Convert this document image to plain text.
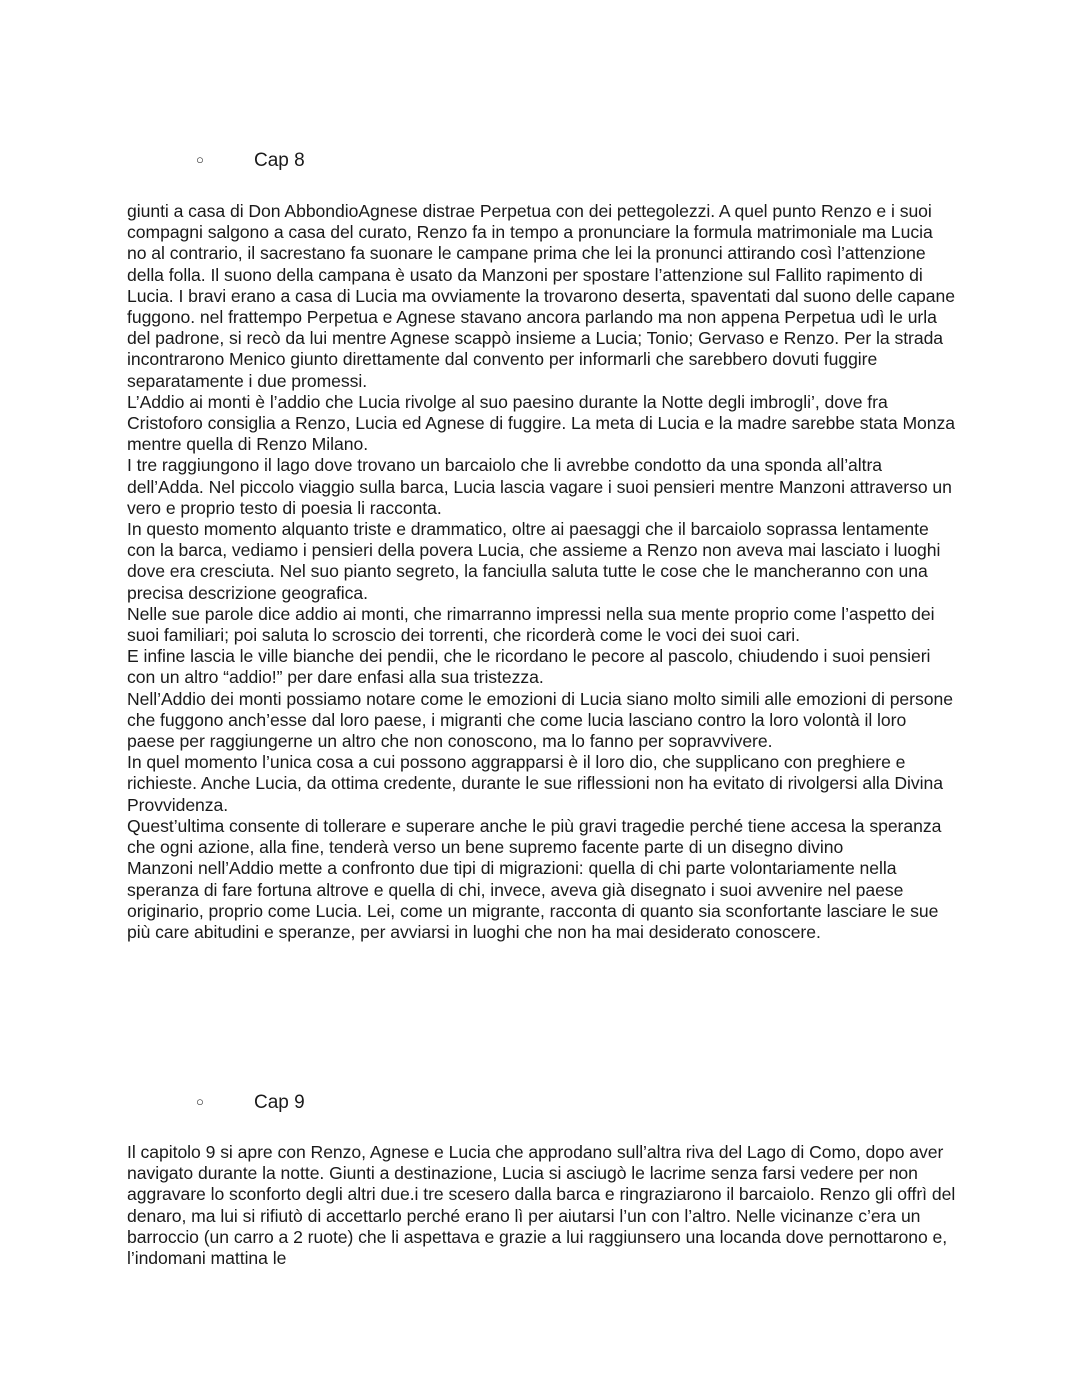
○	Cap 8

giunti a casa di Don AbbondioAgnese distrae Perpetua con dei pettegolezzi. A quel punto Renzo e i suoi compagni salgono a casa del curato, Renzo fa in tempo a pronunciare la formula matrimoniale ma Lucia no al contrario, il sacrestano fa suonare le campane prima che lei la pronunci attirando così l’attenzione della folla. Il suono della campana è usato da Manzoni per spostare l’attenzione sul Fallito rapimento di Lucia. I bravi erano a casa di Lucia ma ovviamente la trovarono deserta, spaventati dal suono delle capane fuggono. nel frattempo Perpetua e Agnese stavano ancora parlando ma non appena Perpetua udì le urla del padrone, si recò da lui mentre Agnese scappò insieme a Lucia; Tonio; Gervaso e Renzo. Per la strada incontrarono Menico giunto direttamente dal convento per informarli che sarebbero dovuti fuggire separatamente i due promessi.

L’Addio ai monti è l’addio che Lucia rivolge al suo paesino durante la Notte degli imbrogli’, dove fra Cristoforo consiglia a Renzo, Lucia ed Agnese di fuggire. La meta di Lucia e la madre sarebbe stata Monza mentre quella di Renzo Milano.

I tre raggiungono il lago dove trovano un barcaiolo che li avrebbe condotto da una sponda all’altra dell’Adda. Nel piccolo viaggio sulla barca, Lucia lascia vagare i suoi pensieri mentre Manzoni attraverso un vero e proprio testo di poesia li racconta.

In questo momento alquanto triste e drammatico, oltre ai paesaggi che il barcaiolo soprassa lentamente con la barca, vediamo i pensieri della povera Lucia, che assieme a Renzo non aveva mai lasciato i luoghi dove era cresciuta. Nel suo pianto segreto, la fanciulla saluta tutte le cose che le mancheranno con una precisa descrizione geografica.

Nelle sue parole dice addio ai monti, che rimarranno impressi nella sua mente proprio come l’aspetto dei suoi familiari; poi saluta lo scroscio dei torrenti, che ricorderà come le voci dei suoi cari.

E infine lascia le ville bianche dei pendii, che le ricordano le pecore al pascolo, chiudendo i suoi pensieri con un altro “addio!” per dare enfasi alla sua tristezza.

Nell’Addio dei monti possiamo notare come le emozioni di Lucia siano molto simili alle emozioni di persone che fuggono anch’esse dal loro paese, i migranti che come lucia lasciano contro la loro volontà il loro paese per raggiungerne un altro che non conoscono, ma lo fanno per sopravvivere.

In quel momento l’unica cosa a cui possono aggrapparsi è il loro dio, che supplicano con preghiere e richieste. Anche Lucia, da ottima credente, durante le sue riflessioni non ha evitato di rivolgersi alla Divina Provvidenza.

Quest’ultima consente di tollerare e superare anche le più gravi tragedie perché tiene accesa la speranza che ogni azione, alla fine, tenderà verso un bene supremo facente parte di un disegno divino

Manzoni nell’Addio mette a confronto due tipi di migrazioni: quella di chi parte volontariamente nella speranza di fare fortuna altrove e quella di chi, invece, aveva già disegnato i suoi avvenire nel paese originario, proprio come Lucia. Lei, come un migrante, racconta di quanto sia sconfortante lasciare le sue più care abitudini e speranze, per avviarsi in luoghi che non ha mai desiderato conoscere.

○	Cap 9

Il capitolo 9 si apre con Renzo, Agnese e Lucia che approdano sull’altra riva del Lago di Como, dopo aver navigato durante la notte. Giunti a destinazione, Lucia si asciugò le lacrime senza farsi vedere per non aggravare lo sconforto degli altri due.i tre scesero dalla barca e ringraziarono il barcaiolo. Renzo gli offrì del denaro, ma lui si rifiutò di accettarlo perché erano lì per aiutarsi l’un con l’altro. Nelle vicinanze c’era un barroccio (un carro a 2 ruote) che li aspettava e grazie a lui raggiunsero una locanda dove pernottarono e, l’indomani mattina le
